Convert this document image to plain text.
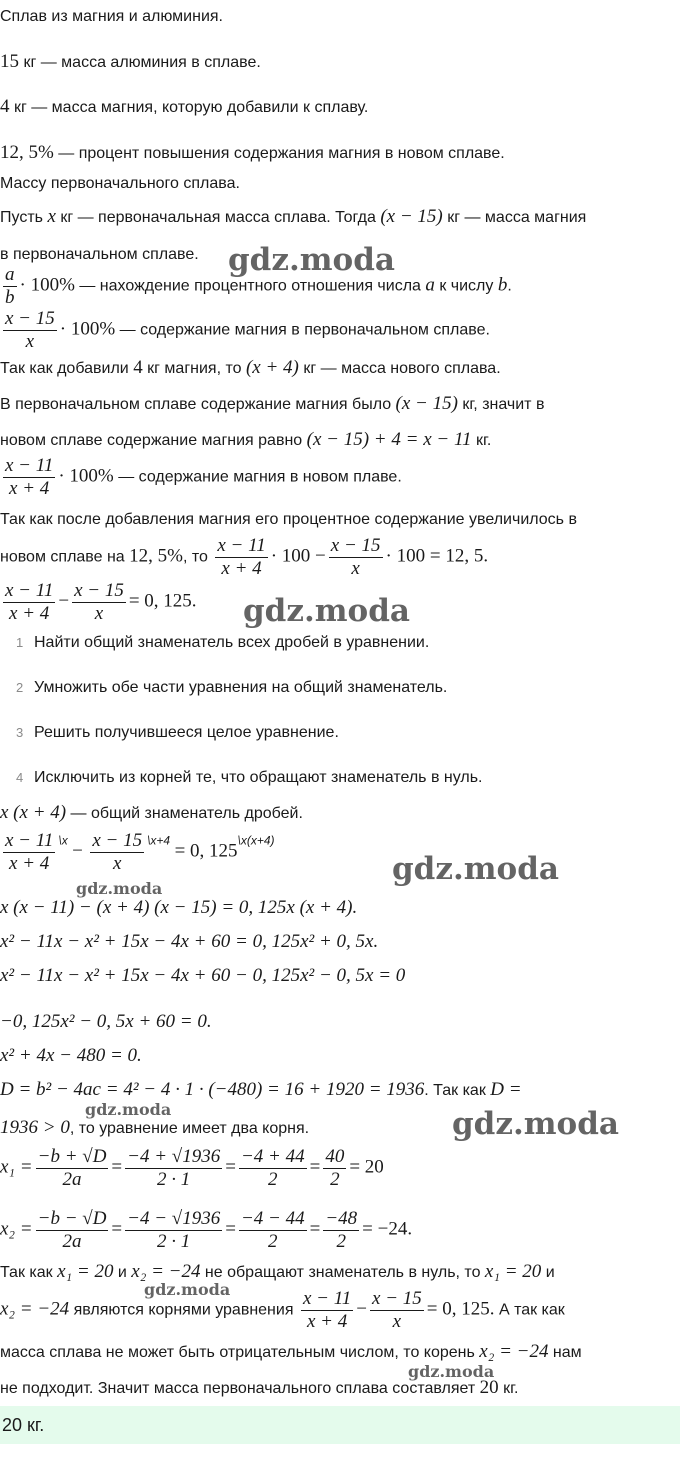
Сплав из магния и алюминия.
15 кг — масса алюминия в сплаве.
4 кг — масса магния, которую добавили к сплаву.
12, 5% — процент повышения содержания магния в новом сплаве.
Массу первоначального сплава.
Пусть x кг — первоначальная масса сплава. Тогда (x − 15) кг — масса магния
в первоначальном сплаве.
$\frac{a}{b} \cdot 100\%$ — нахождение процентного отношения числа a к числу b.
$\frac{x - 15}{x} \cdot 100\%$ — содержание магния в первоначальном сплаве.
Так как добавили 4 кг магния, то (x + 4) кг — масса нового сплава.
В первоначальном сплаве содержание магния было (x − 15) кг, значит в
новом сплаве содержание магния равно (x − 15) + 4 = x − 11 кг.
$\frac{x - 11}{x + 4} \cdot 100\%$ — содержание магния в новом плаве.
Так как после добавления магния его процентное содержание увеличилось в
новом сплаве на 12, 5%, то $\frac{x - 11}{x + 4} \cdot 100 - \frac{x - 15}{x} \cdot 100 = 12$, 5.
$\frac{x - 11}{x + 4} - \frac{x - 15}{x} = 0$, 125.
1 Найти общий знаменатель всех дробей в уравнении.
2 Умножить обе части уравнения на общий знаменатель.
3 Решить получившееся целое уравнение.
4 Исключить из корней те, что обращают знаменатель в нуль.
x (x + 4) — общий знаменатель дробей.
$\frac{x - 11}{x + 4} ^{\backslash x} - \frac{x - 15}{x} ^{\backslash x+4} = 0$, $125^{\backslash x(x+4)}$
x (x − 11) − (x + 4) (x − 15) = 0, 125x (x + 4).
x² − 11x − x² + 15x − 4x + 60 = 0, 125x² + 0, 5x.
x² − 11x − x² + 15x − 4x + 60 − 0, 125x² − 0, 5x = 0
−0, 125x² − 0, 5x + 60 = 0.
x² + 4x − 480 = 0.
D = b² − 4ac = 4² − 4 · 1 · (−480) = 16 + 1920 = 1936. Так как D =
1936 > 0, то уравнение имеет два корня.
$x_1 = \frac{-b + √D}{2a} = \frac{-4 + √1936}{2 \cdot 1} = \frac{-4 + 44}{2} = \frac{40}{2} = 20$
$x_2 = \frac{-b - √D}{2a} = \frac{-4 - √1936}{2 \cdot 1} = \frac{-4 - 44}{2} = \frac{-48}{2} = -24$.
Так как x₁ = 20 и x₂ = −24 не обращают знаменатель в нуль, то x₁ = 20 и
x₂ = −24 являются корнями уравнения $\frac{x - 11}{x + 4} - \frac{x - 15}{x} = 0$, 125. А так как
масса сплава не может быть отрицательным числом, то корень x₂ = −24 нам
не подходит. Значит масса первоначального сплава составляет 20 кг.
20 кг.
gdz.moda
gdz.moda
gdz.moda
gdz.moda
gdz.moda	gdz.moda
gdz.moda
gdz.moda
